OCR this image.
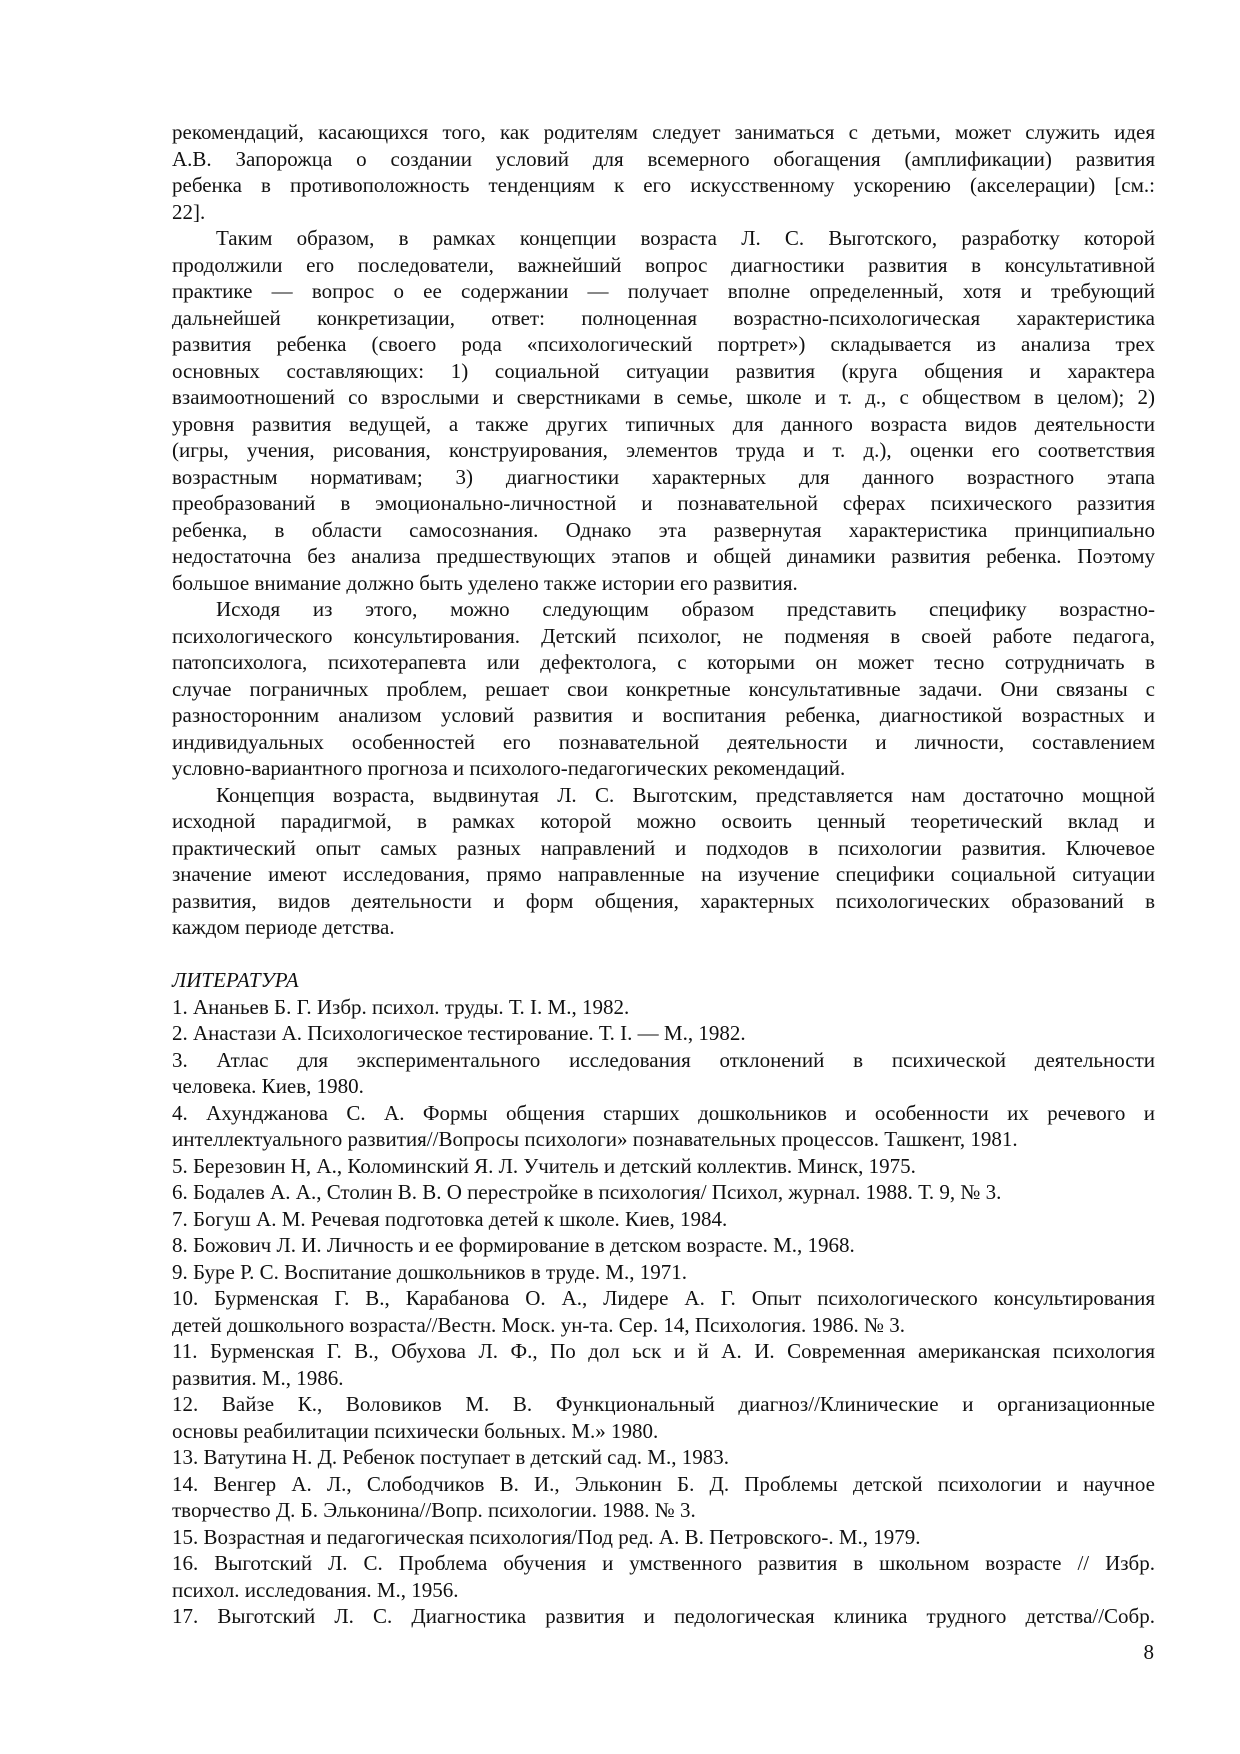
рекомендаций, касающихся того, как родителям следует заниматься с детьми, может служить идея
А.В. Запорожца о создании условий для всемерного обогащения (амплификации) развития
ребенка в противоположность тенденциям к его искусственному ускорению (акселерации) [см.:
22].
Таким образом, в рамках концепции возраста Л. С. Выготского, разработку которой
продолжили его последователи, важнейший вопрос диагностики развития в консультативной
практике — вопрос о ее содержании — получает вполне определенный, хотя и требующий
дальнейшей конкретизации, ответ: полноценная возрастно-психологическая характеристика
развития ребенка (своего рода «психологический портрет») складывается из анализа трех
основных составляющих: 1) социальной ситуации развития (круга общения и характера
взаимоотношений со взрослыми и сверстниками в семье, школе и т. д., с обществом в целом); 2)
уровня развития ведущей, а также других типичных для данного возраста видов деятельности
(игры, учения, рисования, конструирования, элементов труда и т. д.), оценки его соответствия
возрастным нормативам; 3) диагностики характерных для данного возрастного этапа
преобразований в эмоционально-личностной и познавательной сферах психического раззития
ребенка, в области самосознания. Однако эта развернутая характеристика принципиально
недостаточна без анализа предшествующих этапов и общей динамики развития ребенка. Поэтому
большое внимание должно быть уделено также истории его развития.
Исходя из этого, можно следующим образом представить специфику возрастно-
психологического консультирования. Детский психолог, не подменяя в своей работе педагога,
патопсихолога, психотерапевта или дефектолога, с которыми он может тесно сотрудничать в
случае пограничных проблем, решает свои конкретные консультативные задачи. Они связаны с
разносторонним анализом условий развития и воспитания ребенка, диагностикой возрастных и
индивидуальных особенностей его познавательной деятельности и личности, составлением
условно-вариантного прогноза и психолого-педагогических рекомендаций.
Концепция возраста, выдвинутая Л. С. Выготским, представляется нам достаточно мощной
исходной парадигмой, в рамках которой можно освоить ценный теоретический вклад и
практический опыт самых разных направлений и подходов в психологии развития. Ключевое
значение имеют исследования, прямо направленные на изучение специфики социальной ситуации
развития, видов деятельности и форм общения, характерных психологических образований в
каждом периоде детства.
ЛИТЕРАТУРА
1. Ананьев Б. Г. Избр. психол. труды. Т. I. М., 1982.
2. Анастази А. Психологическое тестирование. Т. I. — М., 1982.
3. Атлас для экспериментального исследования отклонений в психической деятельности
человека. Киев, 1980.
4. Ахунджанова С. А. Формы общения старших дошкольников и особенности их речевого и
интеллектуального развития//Вопросы психологи» познавательных процессов. Ташкент, 1981.
5. Березовин Н, А., Коломинский Я. Л. Учитель и детский коллектив. Минск, 1975.
6. Бодалев А. А., Столин В. В. О перестройке в психология/ Психол, журнал. 1988. Т. 9, № 3.
7. Богуш А. М. Речевая подготовка детей к школе. Киев, 1984.
8. Божович Л. И. Личность и ее формирование в детском возрасте. М., 1968.
9. Буре Р. С. Воспитание дошкольников в труде. М., 1971.
10. Бурменская Г. В., Карабанова О. А., Лидере А. Г. Опыт психологического консультирования
детей дошкольного возраста//Вестн. Моск. ун-та. Сер. 14, Психология. 1986. № 3.
11. Бурменская Г. В., Обухова Л. Ф., По дол ьск и й А. И. Современная американская психология
развития. М., 1986.
12. Вайзе К., Воловиков М. В. Функциональный диагноз//Клинические и организационные
основы реабилитации психически больных. М.» 1980.
13. Ватутина Н. Д. Ребенок поступает в детский сад. М., 1983.
14. Венгер А. Л., Слободчиков В. И., Эльконин Б. Д. Проблемы детской психологии и научное
творчество Д. Б. Эльконина//Вопр. психологии. 1988. № 3.
15. Возрастная и педагогическая психология/Под ред. А. В. Петровского-. М., 1979.
16. Выготский Л. С. Проблема обучения и умственного развития в школьном возрасте // Избр.
психол. исследования. М., 1956.
17. Выготский Л. С. Диагностика развития и педологическая клиника трудного детства//Собр.
8
